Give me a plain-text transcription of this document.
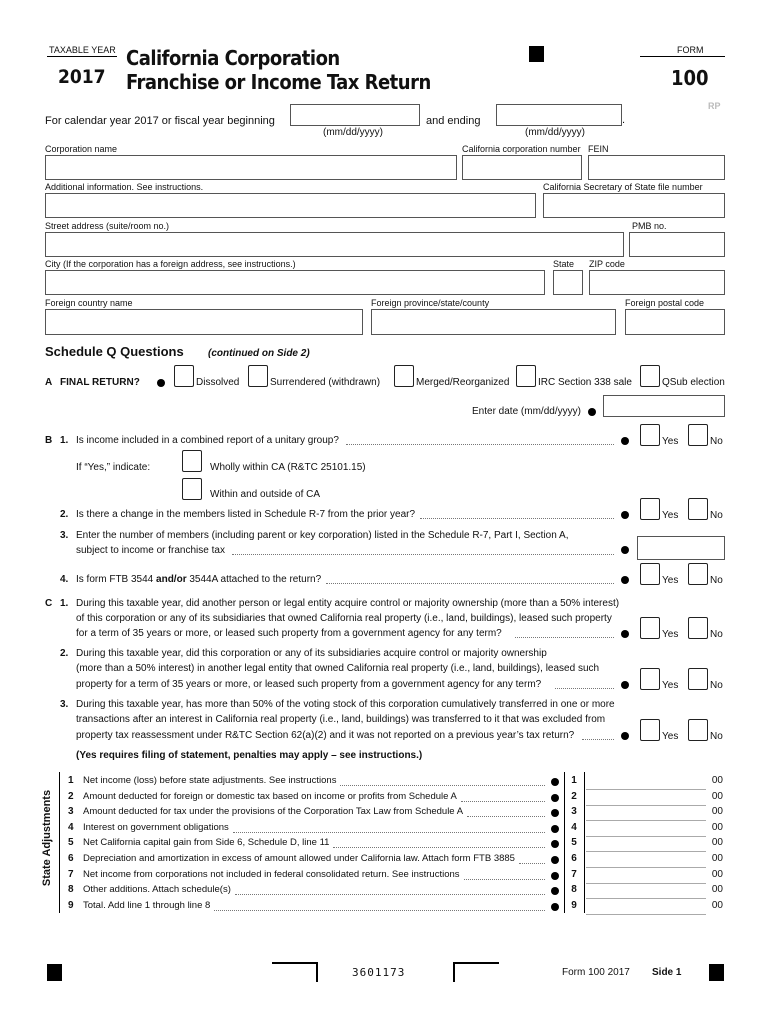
TAXABLE YEAR
2017
California Corporation
Franchise or Income Tax Return
FORM
100
RP
For calendar year 2017 or fiscal year beginning
(mm/dd/yyyy)
and ending	.
(mm/dd/yyyy)
Corporation name	California corporation number FEIN
Additional information. See instructions.	California Secretary of State file number
Street address (suite/room no.)	PMB no.
City (If the corporation has a foreign address, see instructions.)	State ZIP code
Foreign country name	Foreign province/state/county	Foreign postal code
Schedule Q Questions (continued on Side 2)
A FINAL RETURN?	Dissolved	Surrendered (withdrawn)	Merged/Reorganized	IRC Section 338 sale	QSub election
Enter date (mm/dd/yyyy)
B 1. Is income included in a combined report of a unitary group?	Yes	No
If “Yes,” indicate:	Wholly within CA (R&TC 25101.15)
Within and outside of CA
2. Is there a change in the members listed in Schedule R-7 from the prior year?	Yes	No
3. Enter the number of members (including parent or key corporation) listed in the Schedule R-7, Part I, Section A,
subject to income or franchise tax
4. Is form FTB 3544 and/or 3544A attached to the return?	Yes	No
C 1. During this taxable year, did another person or legal entity acquire control or majority ownership (more than a 50% interest)
of this corporation or any of its subsidiaries that owned California real property (i.e., land, buildings), leased such property
for a term of 35 years or more, or leased such property from a government agency for any term?	Yes	No
2. During this taxable year, did this corporation or any of its subsidiaries acquire control or majority ownership
(more than a 50% interest) in another legal entity that owned California real property (i.e., land, buildings), leased such
property for a term of 35 years or more, or leased such property from a government agency for any term?	Yes	No
3. During this taxable year, has more than 50% of the voting stock of this corporation cumulatively transferred in one or more
transactions after an interest in California real property (i.e., land, buildings) was transferred to it that was excluded from
property tax reassessment under R&TC Section 62(a)(2) and it was not reported on a previous year’s tax return?	Yes	No
(Yes requires filing of statement, penalties may apply – see instructions.)
State Adjustments
1 Net income (loss) before state adjustments. See instructions	1	00
2 Amount deducted for foreign or domestic tax based on income or profits from Schedule A	2	00
3 Amount deducted for tax under the provisions of the Corporation Tax Law from Schedule A	3	00
4 Interest on government obligations	4	00
5 Net California capital gain from Side 6, Schedule D, line 11	5	00
6 Depreciation and amortization in excess of amount allowed under California law. Attach form FTB 3885	6	00
7 Net income from corporations not included in federal consolidated return. See instructions	7	00
8 Other additions. Attach schedule(s)	8	00
9 Total. Add line 1 through line 8	9	00
3601173	Form 100 2017 Side 1
